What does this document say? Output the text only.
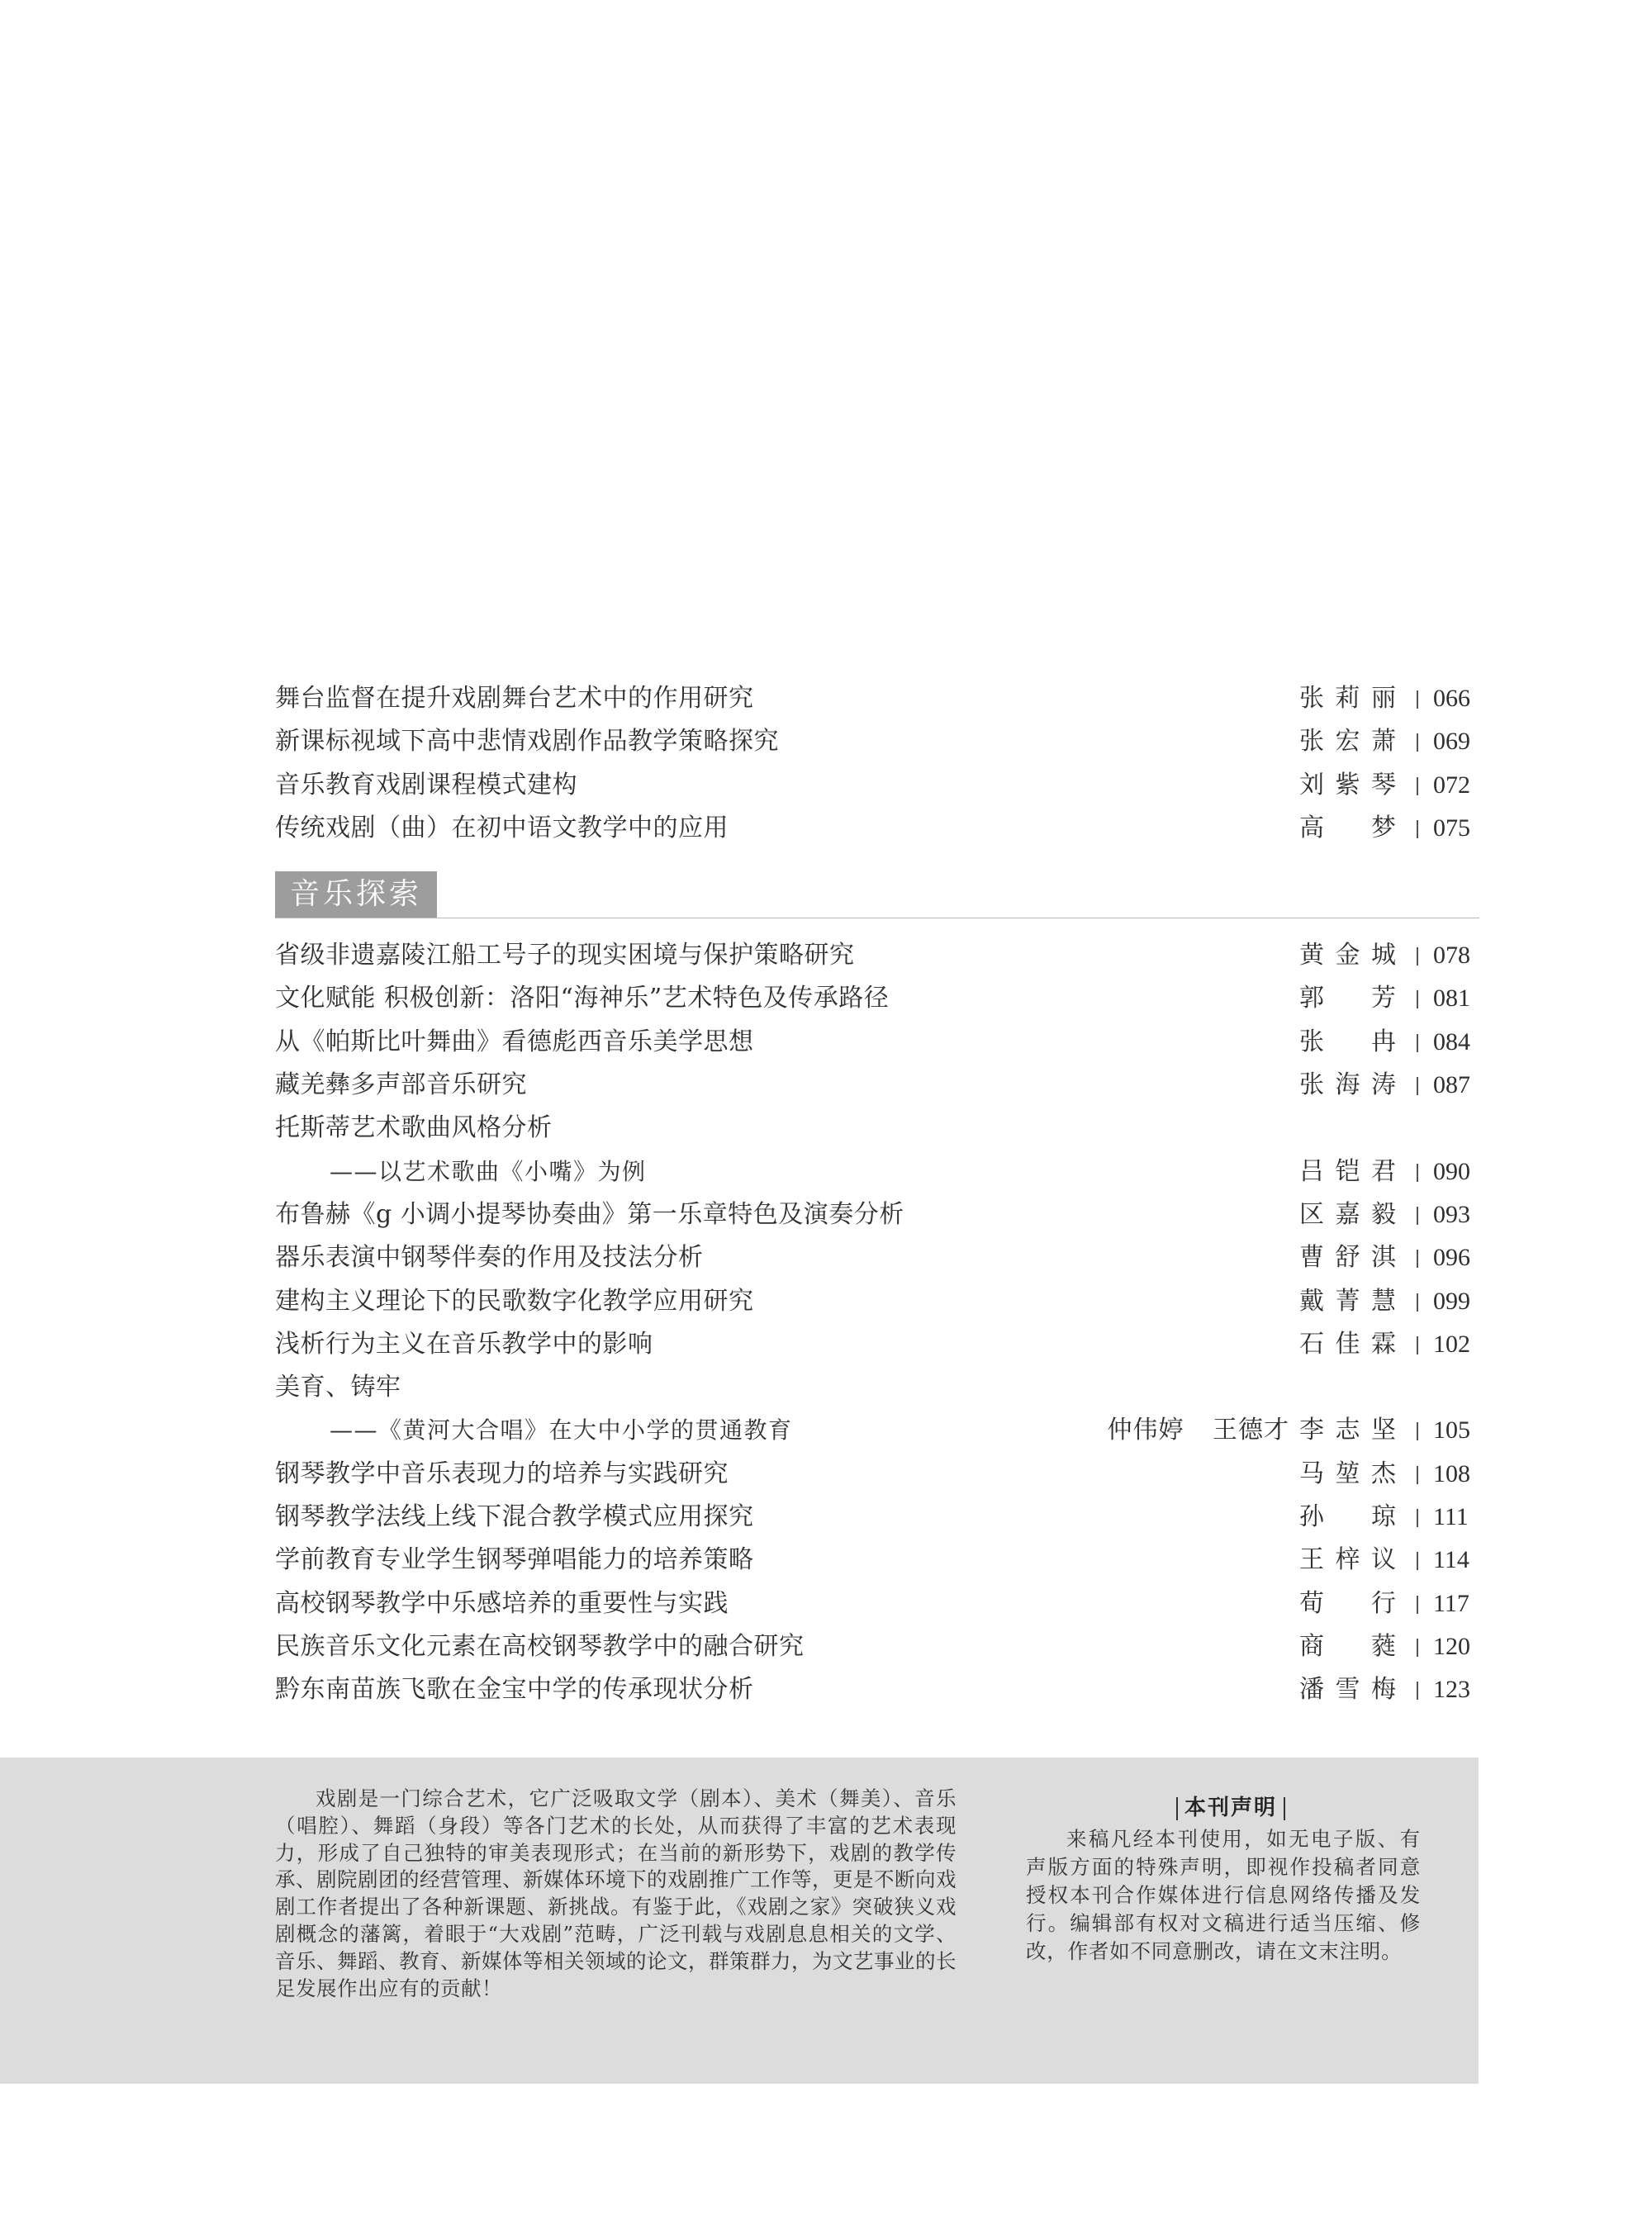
舞台监督在提升戏剧舞台艺术中的作用研究	张莉丽 066
新课标视域下高中悲情戏剧作品教学策略探究	张宏萧 069
音乐教育戏剧课程模式建构	刘紫琴 072
传统戏剧（曲）在初中语文教学中的应用	高梦 075
音乐探索
省级非遗嘉陵江船工号子的现实困境与保护策略研究	黄金城 078
文化赋能 积极创新：洛阳“海神乐”艺术特色及传承路径	郭芳 081
从《帕斯比叶舞曲》看德彪西音乐美学思想	张冉 084
藏羌彝多声部音乐研究	张海涛 087
托斯蒂艺术歌曲风格分析
——以艺术歌曲《小嘴》为例	吕铠君 090
布鲁赫《g 小调小提琴协奏曲》第一乐章特色及演奏分析	区嘉毅 093
器乐表演中钢琴伴奏的作用及技法分析	曹舒淇 096
建构主义理论下的民歌数字化教学应用研究	戴菁慧 099
浅析行为主义在音乐教学中的影响	石佳霖 102
美育、铸牢
——《黄河大合唱》在大中小学的贯通教育	仲伟婷 王德才 李志坚 105
钢琴教学中音乐表现力的培养与实践研究	马堃杰 108
钢琴教学法线上线下混合教学模式应用探究	孙琼 111
学前教育专业学生钢琴弹唱能力的培养策略	王梓议 114
高校钢琴教学中乐感培养的重要性与实践	荀行 117
民族音乐文化元素在高校钢琴教学中的融合研究	商蕤 120
黔东南苗族飞歌在金宝中学的传承现状分析	潘雪梅 123
戏剧是一门综合艺术，它广泛吸取文学（剧本）、美术（舞美）、音乐（唱腔）、舞蹈（身段）等各门艺术的长处，从而获得了丰富的艺术表现力，形成了自己独特的审美表现形式；在当前的新形势下，戏剧的教学传承、剧院剧团的经营管理、新媒体环境下的戏剧推广工作等，更是不断向戏剧工作者提出了各种新课题、新挑战。有鉴于此，《戏剧之家》突破狭义戏剧概念的藩篱，着眼于“大戏剧”范畴，广泛刊载与戏剧息息相关的文学、音乐、舞蹈、教育、新媒体等相关领域的论文，群策群力，为文艺事业的长足发展作出应有的贡献！
本刊声明
来稿凡经本刊使用，如无电子版、有声版方面的特殊声明，即视作投稿者同意授权本刊合作媒体进行信息网络传播及发行。编辑部有权对文稿进行适当压缩、修改，作者如不同意删改，请在文末注明。
